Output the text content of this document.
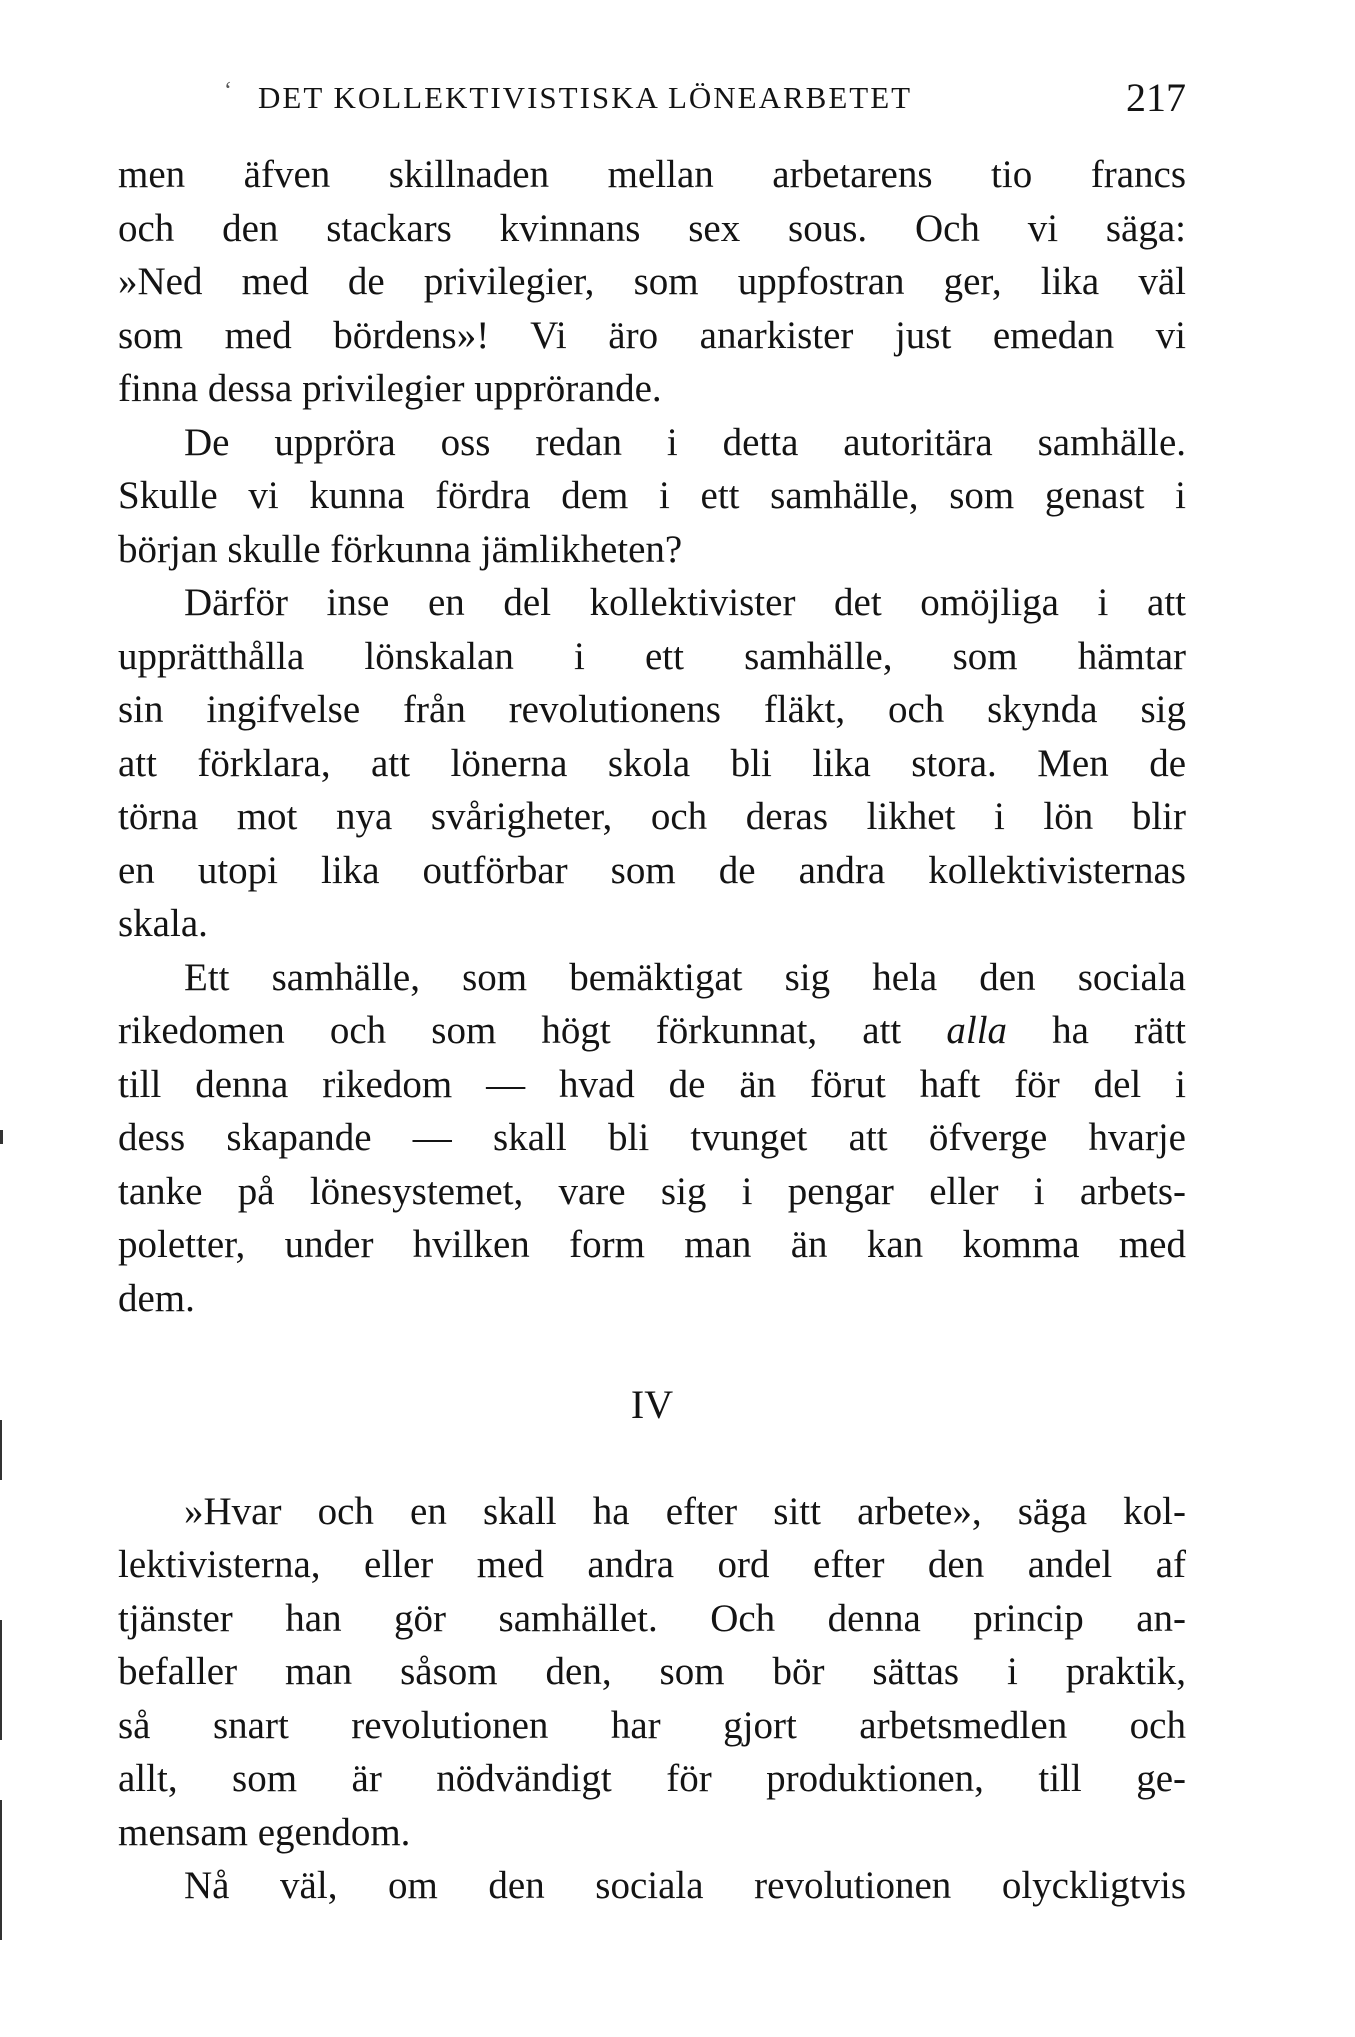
‘ DET KOLLEKTIVISTISKA LÖNEARBETET	217
men äfven skillnaden mellan arbetarens tio francs
och den stackars kvinnans sex sous. Och vi säga:
»Ned med de privilegier, som uppfostran ger, lika väl
som med bördens»! Vi äro anarkister just emedan vi
finna dessa privilegier upprörande.
De uppröra oss redan i detta autoritära samhälle.
Skulle vi kunna fördra dem i ett samhälle, som genast i
början skulle förkunna jämlikheten?
Därför inse en del kollektivister det omöjliga i att
upprätthålla lönskalan i ett samhälle, som hämtar
sin ingifvelse från revolutionens fläkt, och skynda sig
att förklara, att lönerna skola bli lika stora. Men de
törna mot nya svårigheter, och deras likhet i lön blir
en utopi lika outförbar som de andra kollektivisternas
skala.
Ett samhälle, som bemäktigat sig hela den sociala
rikedomen och som högt förkunnat, att alla ha rätt
till denna rikedom — hvad de än förut haft för del i
dess skapande — skall bli tvunget att öfverge hvarje
tanke på lönesystemet, vare sig i pengar eller i arbets-
poletter, under hvilken form man än kan komma med
dem.
IV
»Hvar och en skall ha efter sitt arbete», säga kol-
lektivisterna, eller med andra ord efter den andel af
tjänster han gör samhället. Och denna princip an-
befaller man såsom den, som bör sättas i praktik,
så snart revolutionen har gjort arbetsmedlen och
allt, som är nödvändigt för produktionen, till ge-
mensam egendom.
Nå väl, om den sociala revolutionen olyckligtvis
